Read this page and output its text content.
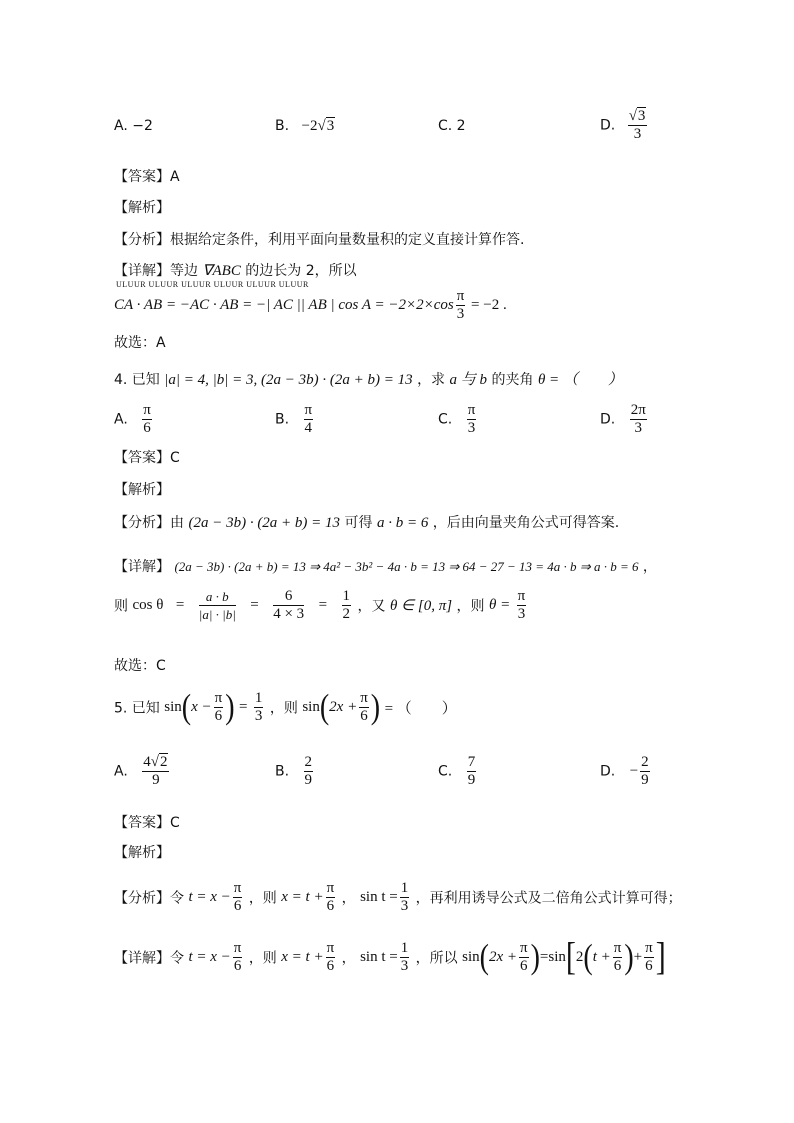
A. −2	B. −2√3	C. 2	D. $\frac{√3}{3}$
【答案】A
【解析】
【分析】根据给定条件，利用平面向量数量积的定义直接计算作答.
【详解】等边 ∇ABC 的边长为 2，所以
ULUUR ULUUR ULUUR ULUUR ULUUR ULUUR
CA · AB = −AC · AB = −| AC || AB | $\cos A = -2\times 2\times\cos \frac{\pi}{3} = -2$ .
故选：A
4. 已知 |a| = 4, |b| = 3, (2a − 3b) · (2a + b) = 13 ，求 a 与 b 的夹角 θ = （　　）
A. $\frac{\pi}{6}$	B. $\frac{\pi}{4}$	C. $\frac{\pi}{3}$	D. $\frac{2\pi}{3}$
【答案】C
【解析】
【分析】由 (2a − 3b) · (2a + b) = 13 可得 a · b = 6 ，后由向量夹角公式可得答案.
【详解】 (2a − 3b) · (2a + b) = 13 ⇒ 4a² − 3b² − 4a · b = 13 ⇒ 64 − 27 − 13 = 4a · b ⇒ a · b = 6 ，
则 $\cos \theta = \frac{a \cdot b}{|a| \cdot |b|} = \frac{6}{4 \times 3} = \frac{1}{2}$ ，又 θ ∈ [0, π] ，则 $\theta = \frac{\pi}{3}$
故选：C
5. 已知 $\sin(x - \frac{\pi}{6}$ ) = $\frac{1}{3}$ ，则 $\sin(2x + \frac{\pi}{6}$ ) = （　　）
A. $\frac{4√2}{9}$	B. $\frac{2}{9}$	C. $\frac{7}{9}$	D. − $\frac{2}{9}$
【答案】C
【解析】
【分析】令 $t = x - \frac{\pi}{6}$ ，则 $x = t + \frac{\pi}{6}$ ， $\sin t = \frac{1}{3}$ ，再利用诱导公式及二倍角公式计算可得；
【详解】令 $t = x - \frac{\pi}{6}$ ，则 $x = t + \frac{\pi}{6}$ ， $\sin t = \frac{1}{3}$ ，所以 $\sin(2x + \frac{\pi}{6} )=\sin[2(t + \frac{\pi}{6}$ )+ $\frac{\pi}{6}$ ]
